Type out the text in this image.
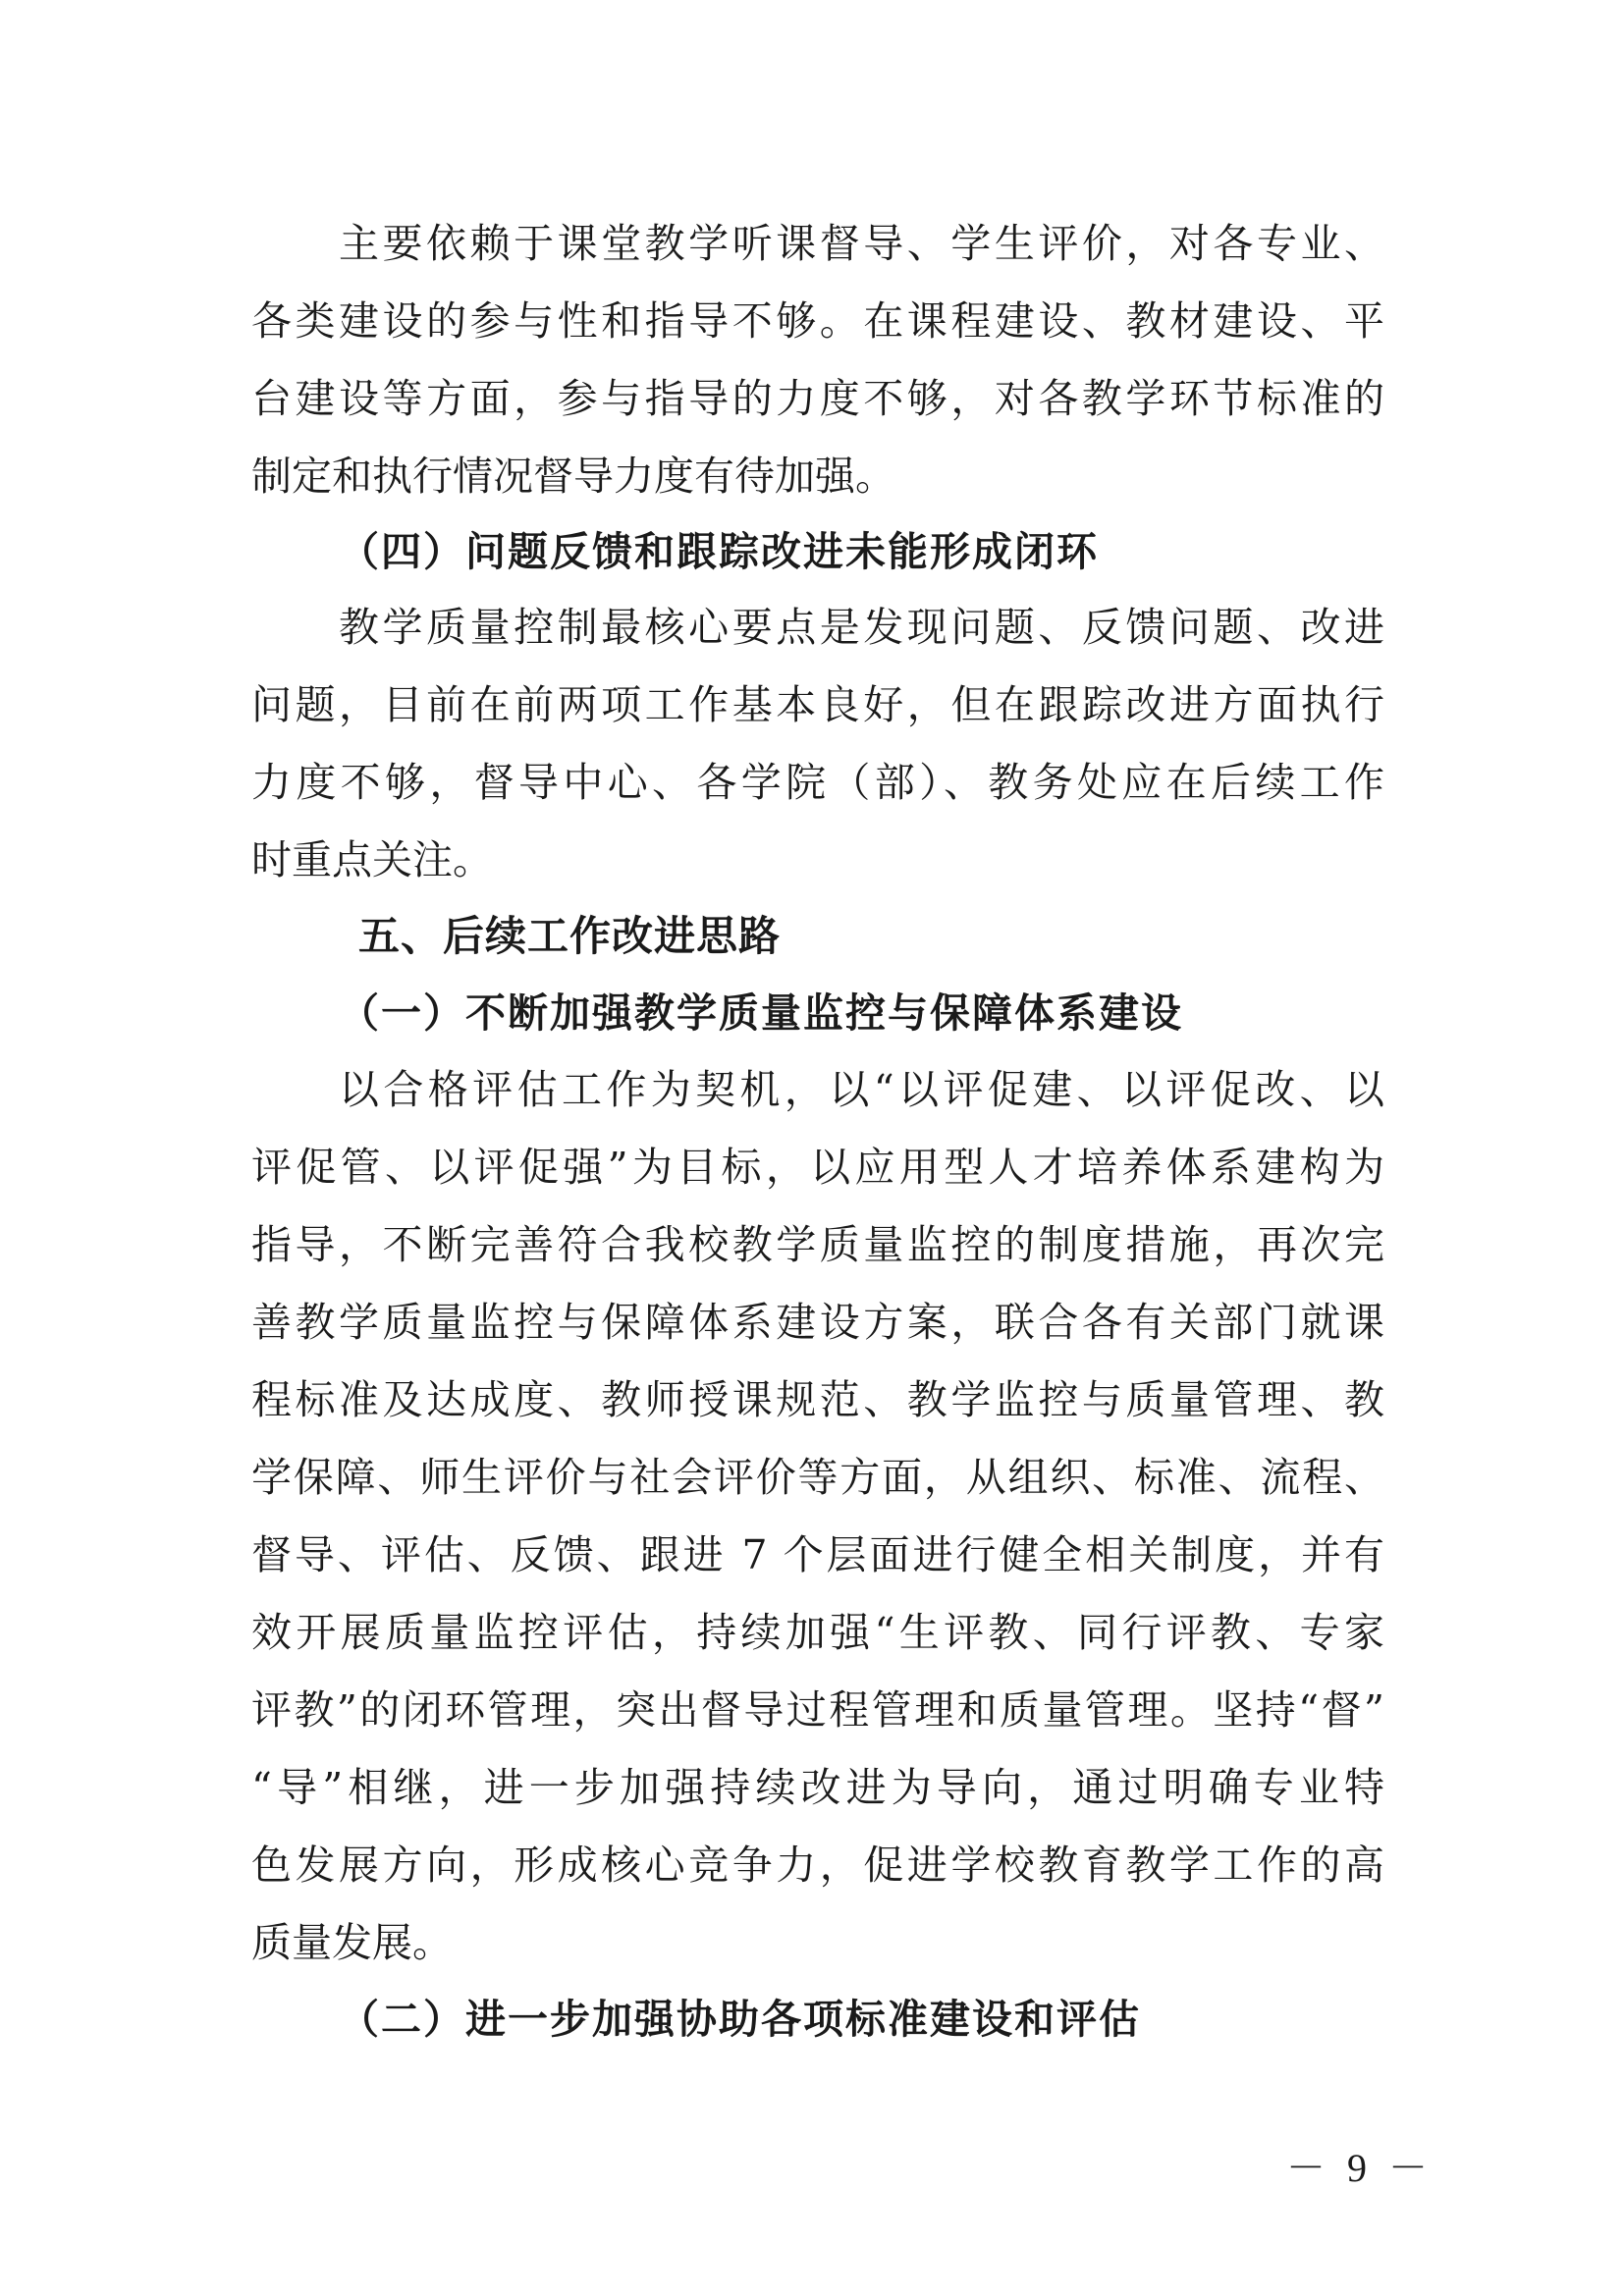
主要依赖于课堂教学听课督导、学生评价，对各专业、
各类建设的参与性和指导不够。在课程建设、教材建设、平
台建设等方面，参与指导的力度不够，对各教学环节标准的
制定和执行情况督导力度有待加强。
（四）问题反馈和跟踪改进未能形成闭环
教学质量控制最核心要点是发现问题、反馈问题、改进
问题，目前在前两项工作基本良好，但在跟踪改进方面执行
力度不够，督导中心、各学院（部）、教务处应在后续工作
时重点关注。
五、后续工作改进思路
（一）不断加强教学质量监控与保障体系建设
以合格评估工作为契机，以“以评促建、以评促改、以
评促管、以评促强”为目标，以应用型人才培养体系建构为
指导，不断完善符合我校教学质量监控的制度措施，再次完
善教学质量监控与保障体系建设方案，联合各有关部门就课
程标准及达成度、教师授课规范、教学监控与质量管理、教
学保障、师生评价与社会评价等方面，从组织、标准、流程、
督导、评估、反馈、跟进 7 个层面进行健全相关制度，并有
效开展质量监控评估，持续加强“生评教、同行评教、专家
评教”的闭环管理，突出督导过程管理和质量管理。坚持“督”
“导”相继，进一步加强持续改进为导向，通过明确专业特
色发展方向，形成核心竞争力，促进学校教育教学工作的高
质量发展。
（二）进一步加强协助各项标准建设和评估
－ 9 －
